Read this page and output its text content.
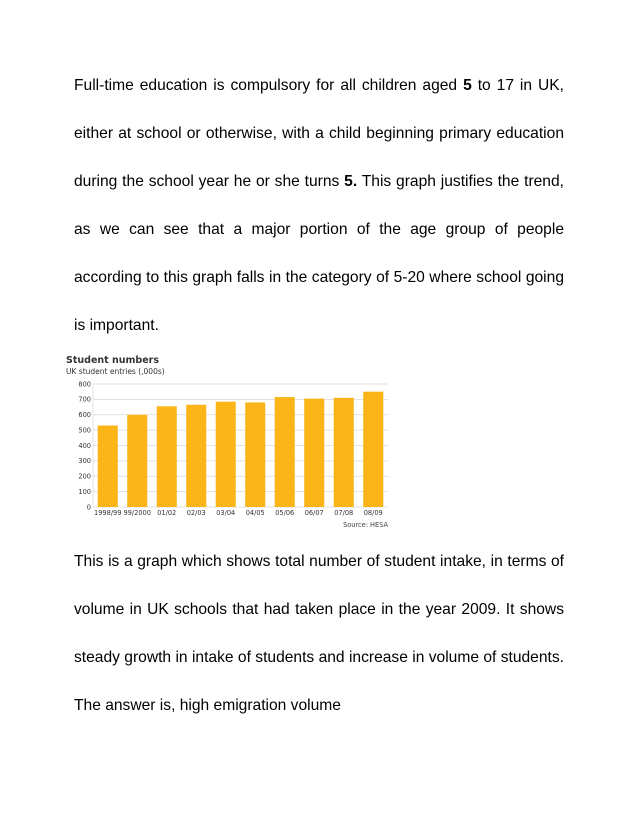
Full-time education is compulsory for all children aged 5 to 17 in UK, either at school or otherwise, with a child beginning primary education during the school year he or she turns 5. This graph justifies the trend, as we can see that a major portion of the age group of people according to this graph falls in the category of 5-20 where school going is important.
Student numbers
UK student entries (,000s)
0
100
200
300
400
500
600
700
800
1998/99 99/2000 01/02 02/03 03/04 04/05 05/06 06/07 07/08 08/09
Source: HESA
This is a graph which shows total number of student intake, in terms of volume in UK schools that had taken place in the year 2009. It shows steady growth in intake of students and increase in volume of students. The answer is, high emigration volume
